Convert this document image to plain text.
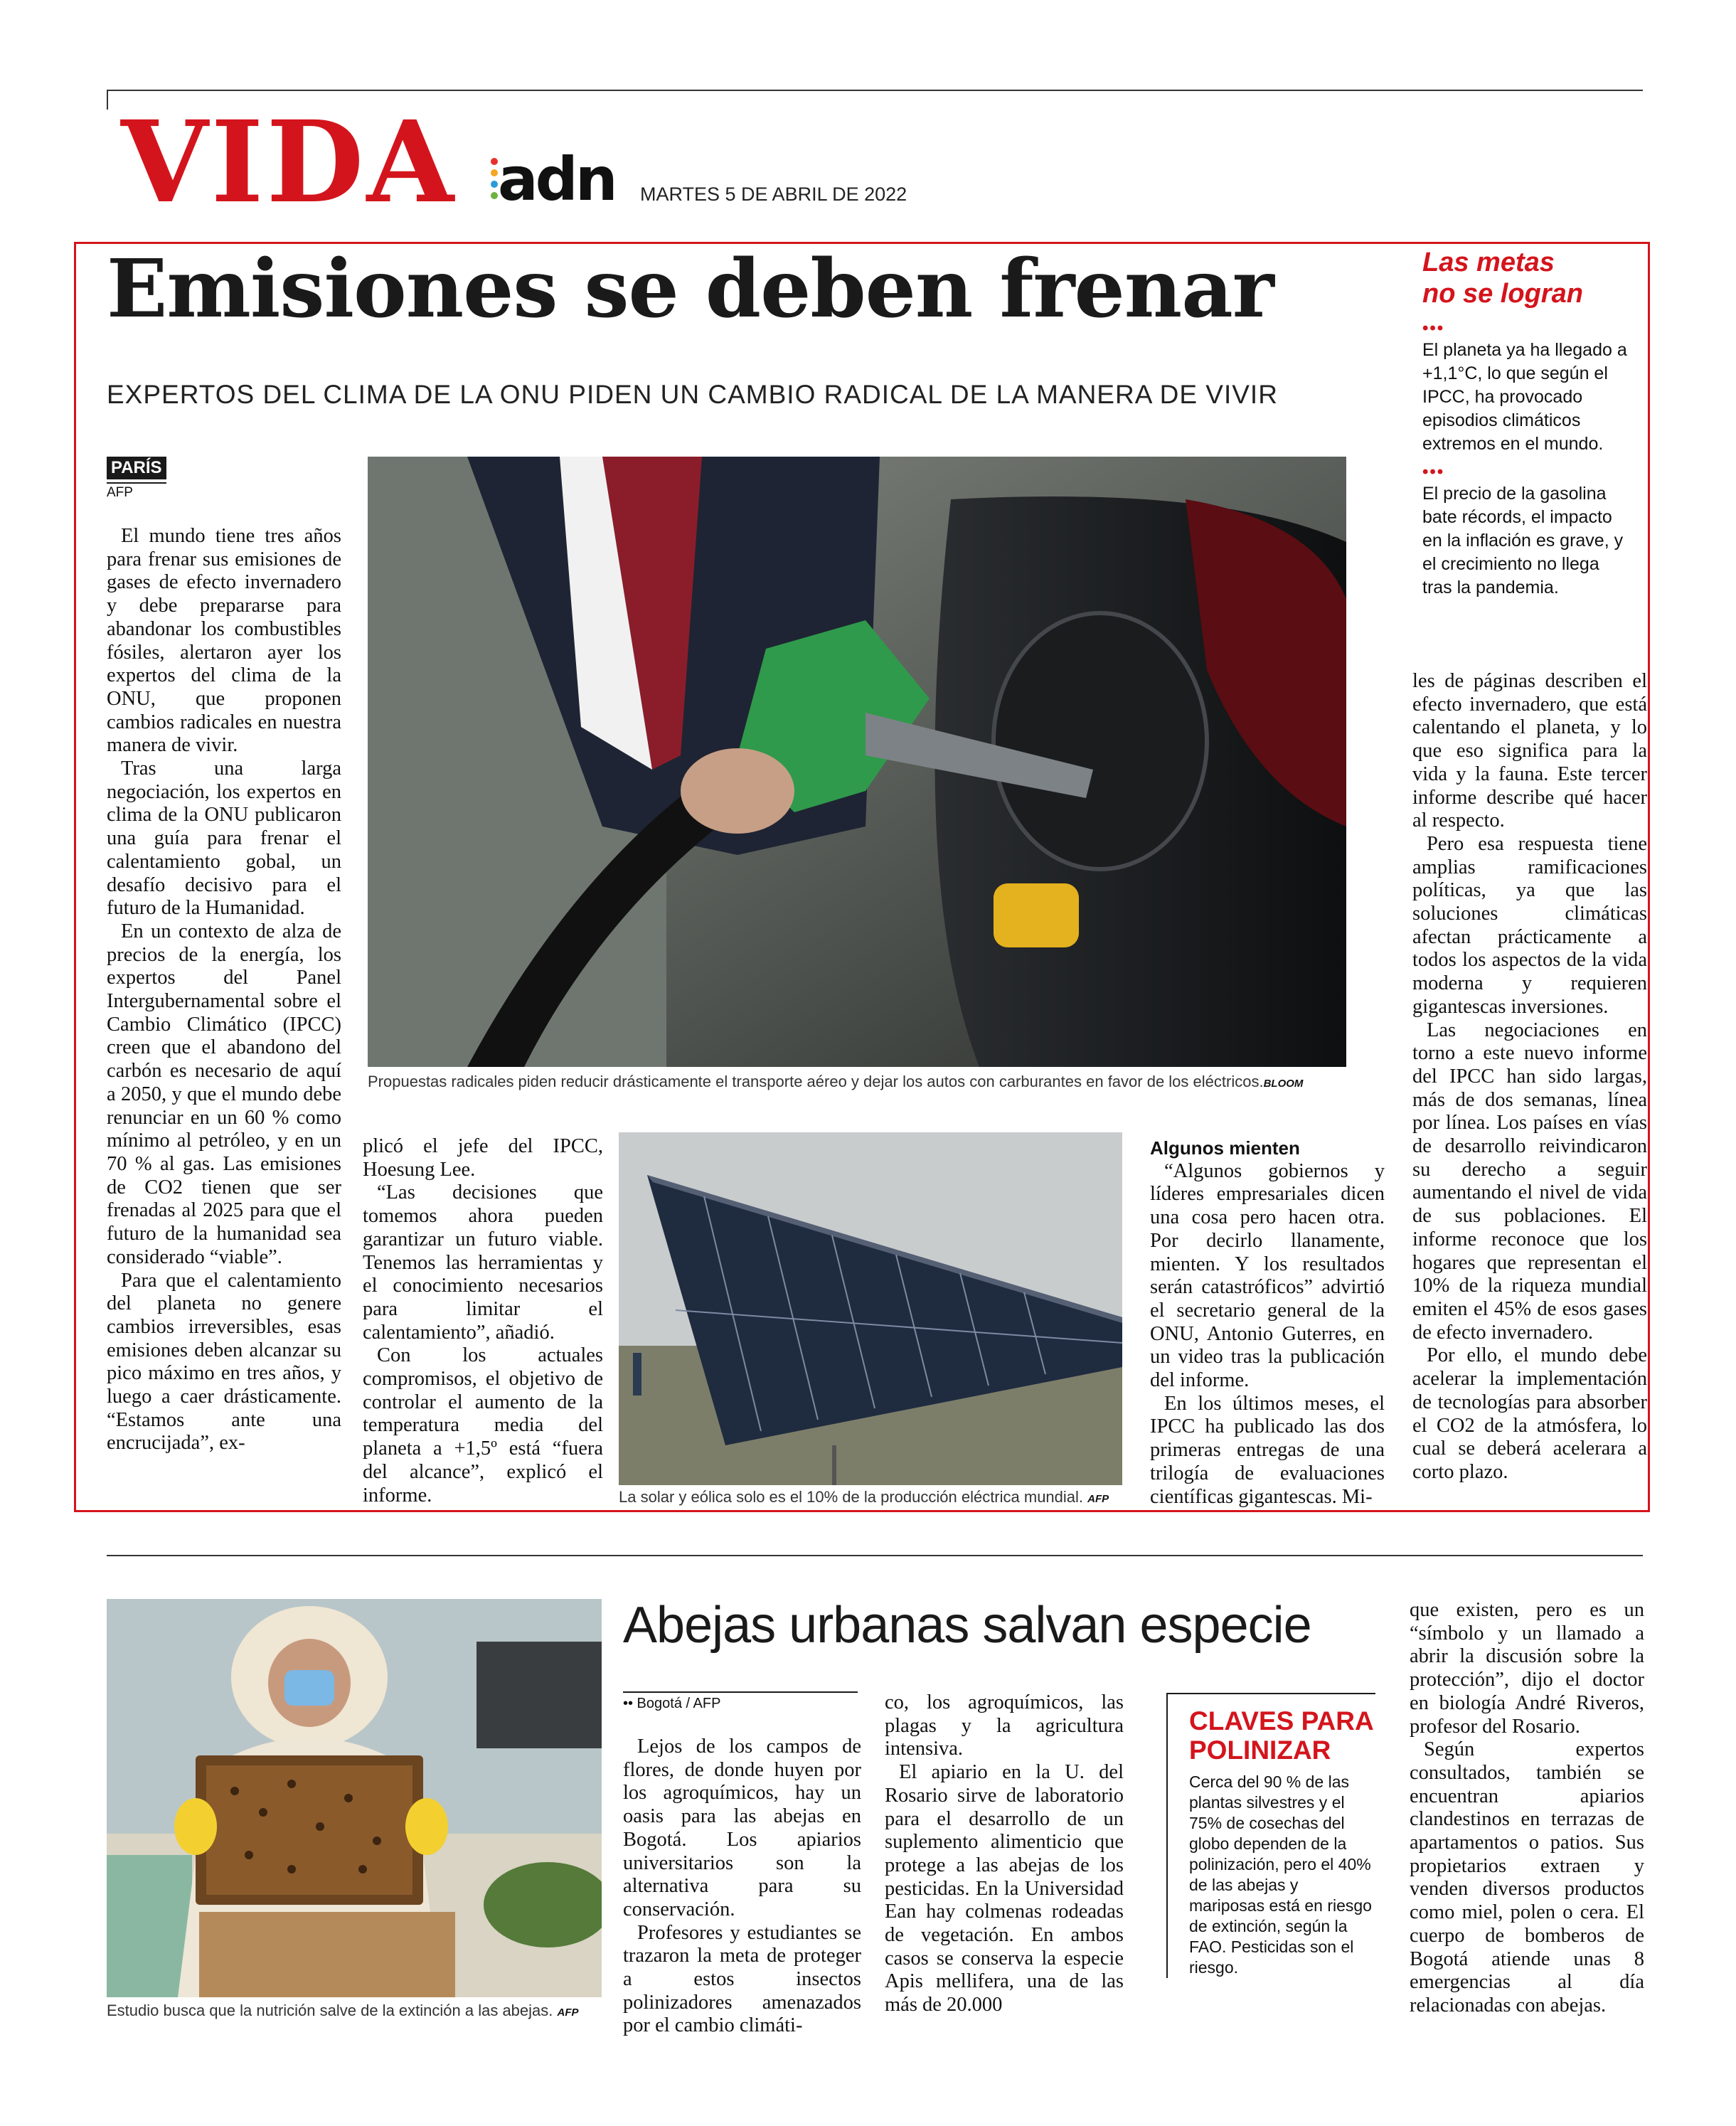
VIDA adn MARTES 5 DE ABRIL DE 2022
Emisiones se deben frenar
EXPERTOS DEL CLIMA DE LA ONU PIDEN UN CAMBIO RADICAL DE LA MANERA DE VIVIR
Las metas
no se logran
•••
El planeta ya ha llegado a +1,1°C, lo que según el IPCC, ha provocado episodios climáticos extremos en el mundo.
•••
El precio de la gasolina bate récords, el impacto en la inflación es grave, y el crecimiento no llega tras la pandemia.
PARÍS
AFP

El mundo tiene tres años para frenar sus emisiones de gases de efecto invernadero y debe prepararse para abandonar los combustibles fósiles, alertaron ayer los expertos del clima de la ONU, que proponen cambios radicales en nuestra manera de vivir.

Tras una larga negociación, los expertos en clima de la ONU publicaron una guía para frenar el calentamiento gobal, un desafío decisivo para el futuro de la Humanidad.

En un contexto de alza de precios de la energía, los expertos del Panel Intergubernamental sobre el Cambio Climático (IPCC) creen que el abandono del carbón es necesario de aquí a 2050, y que el mundo debe renunciar en un 60 % como mínimo al petróleo, y en un 70 % al gas. Las emisiones de CO2 tienen que ser frenadas al 2025 para que el futuro de la humanidad sea considerado “viable”.

Para que el calentamiento del planeta no genere cambios irreversibles, esas emisiones deben alcanzar su pico máximo en tres años, y luego a caer drásticamente. “Estamos ante una encrucijada”, ex-

Propuestas radicales piden reducir drásticamente el transporte aéreo y dejar los autos con carburantes en favor de los eléctricos.BLOOM

plicó el jefe del IPCC, Hoesung Lee.

“Las decisiones que tomemos ahora pueden garantizar un futuro viable. Tenemos las herramientas y el conocimiento necesarios para limitar el calentamiento”, añadió.

Con los actuales compromisos, el objetivo de controlar el aumento de la temperatura media del planeta a +1,5º está “fuera del alcance”, explicó el informe.	La solar y eólica solo es el 10% de la producción eléctrica mundial. AFP
Algunos mienten

“Algunos gobiernos y líderes empresariales dicen una cosa pero hacen otra. Por decirlo llanamente, mienten. Y los resultados serán catastróficos” advirtió el secretario general de la ONU, Antonio Guterres, en un video tras la publicación del informe.

En los últimos meses, el IPCC ha publicado las dos primeras entregas de una trilogía de evaluaciones científicas gigantescas. Mi-

les de páginas describen el efecto invernadero, que está calentando el planeta, y lo que eso significa para la vida y la fauna. Este tercer informe describe qué hacer al respecto.

Pero esa respuesta tiene amplias ramificaciones políticas, ya que las soluciones climáticas afectan prácticamente a todos los aspectos de la vida moderna y requieren gigantescas inversiones.

Las negociaciones en torno a este nuevo informe del IPCC han sido largas, más de dos semanas, línea por línea. Los países en vías de desarrollo reivindicaron su derecho a seguir aumentando el nivel de vida de sus poblaciones. El informe reconoce que los hogares que representan el 10% de la riqueza mundial emiten el 45% de esos gases de efecto invernadero.

Por ello, el mundo debe acelerar la implementación de tecnologías para absorber el CO2 de la atmósfera, lo cual se deberá acelerara a corto plazo.

Estudio busca que la nutrición salve de la extinción a las abejas. AFP
Abejas urbanas salvan especie
•• Bogotá / AFP

Lejos de los campos de flores, de donde huyen por los agroquímicos, hay un oasis para las abejas en Bogotá. Los apiarios universitarios son la alternativa para su conservación.

Profesores y estudiantes se trazaron la meta de proteger a estos insectos polinizadores amenazados por el cambio climáti-

co, los agroquímicos, las plagas y la agricultura intensiva.

El apiario en la U. del Rosario sirve de laboratorio para el desarrollo de un suplemento alimenticio que protege a las abejas de los pesticidas. En la Universidad Ean hay colmenas rodeadas de vegetación. En ambos casos se conserva la especie Apis mellifera, una de las más de 20.000

CLAVES PARA
POLINIZAR
Cerca del 90 % de las plantas silvestres y el 75% de cosechas del globo dependen de la polinización, pero el 40% de las abejas y mariposas está en riesgo de extinción, según la FAO. Pesticidas son el riesgo.

que existen, pero es un “símbolo y un llamado a abrir la discusión sobre la protección”, dijo el doctor en biología André Riveros, profesor del Rosario.

Según expertos consultados, también se encuentran apiarios clandestinos en terrazas de apartamentos o patios. Sus propietarios extraen y venden diversos productos como miel, polen o cera. El cuerpo de bomberos de Bogotá atiende unas 8 emergencias al día relacionadas con abejas.
